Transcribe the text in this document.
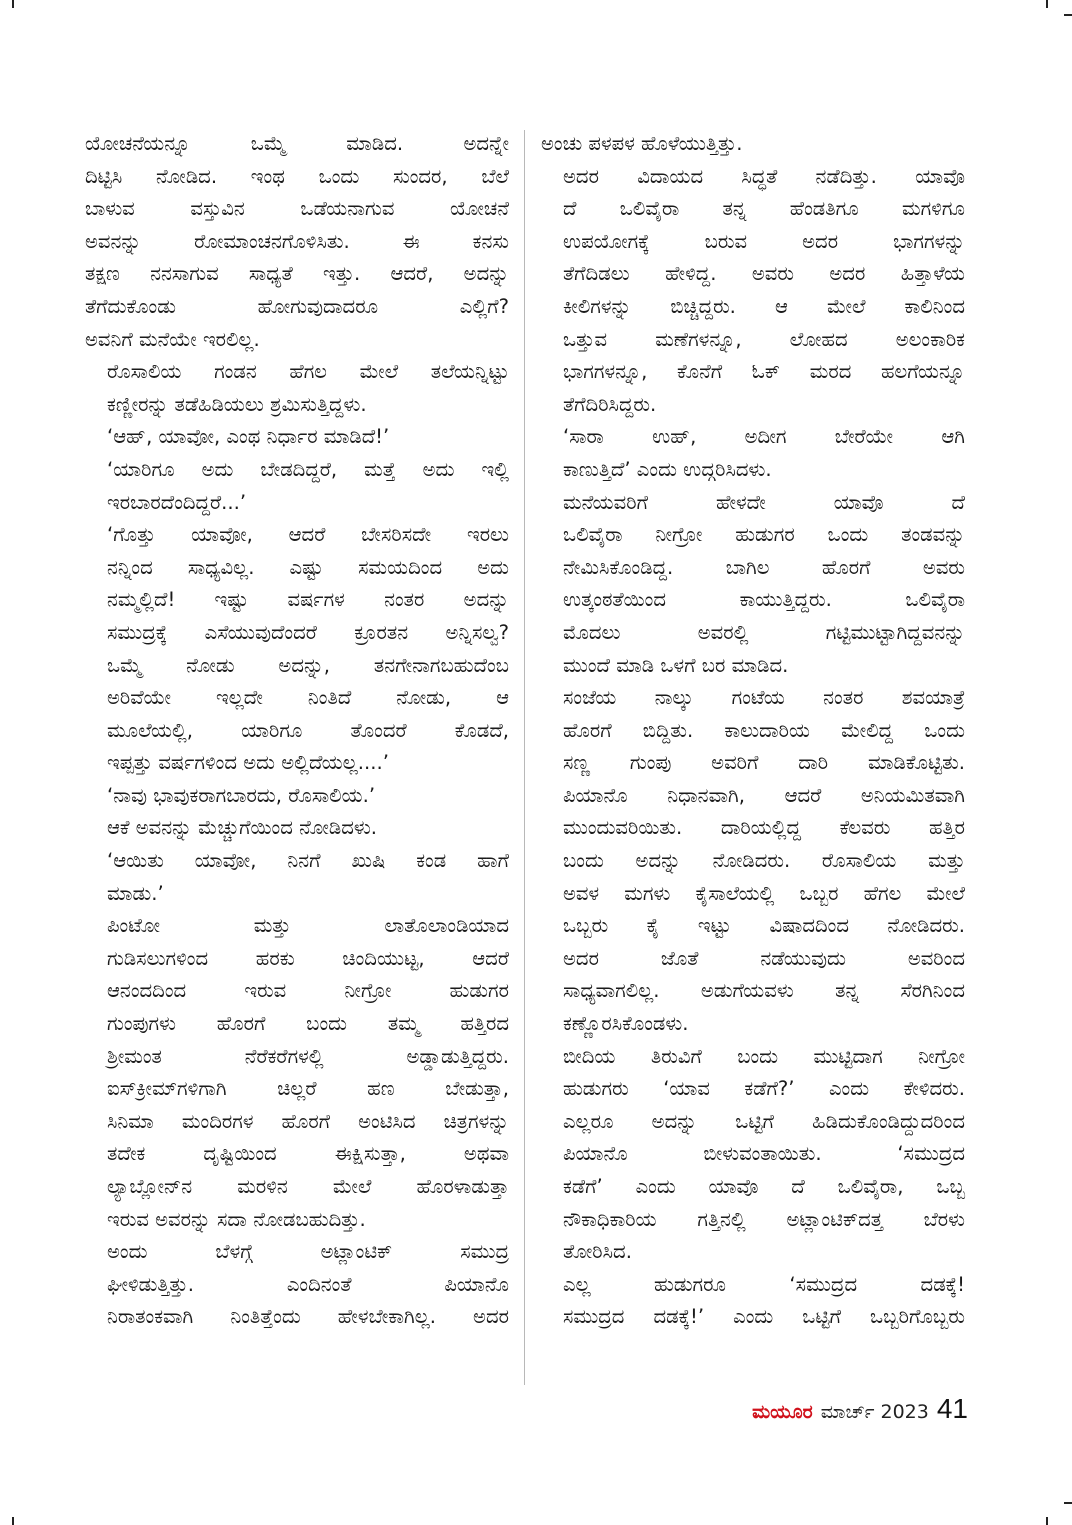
ಯೋಚನೆಯನ್ನೂ ಒಮ್ಮೆ ಮಾಡಿದ. ಅದನ್ನೇ
ದಿಟ್ಟಿಸಿ ನೋಡಿದ. ಇಂಥ ಒಂದು ಸುಂದರ, ಬೆಲೆ
ಬಾಳುವ ವಸ್ತುವಿನ ಒಡೆಯನಾಗುವ ಯೋಚನೆ
ಅವನನ್ನು ರೋಮಾಂಚನಗೊಳಿಸಿತು. ಈ ಕನಸು
ತಕ್ಷಣ ನನಸಾಗುವ ಸಾಧ್ಯತೆ ಇತ್ತು. ಆದರೆ, ಅದನ್ನು
ತೆಗೆದುಕೊಂಡು ಹೋಗುವುದಾದರೂ ಎಲ್ಲಿಗೆ?
ಅವನಿಗೆ ಮನೆಯೇ ಇರಲಿಲ್ಲ.

ರೊಸಾಲಿಯ ಗಂಡನ ಹೆಗಲ ಮೇಲೆ ತಲೆಯನ್ನಿಟ್ಟು
ಕಣ್ಣೀರನ್ನು ತಡೆಹಿಡಿಯಲು ಶ್ರಮಿಸುತ್ತಿದ್ದಳು.

‘ಆಹ್, ಯಾವೋ, ಎಂಥ ನಿರ್ಧಾರ ಮಾಡಿದೆ!’

‘ಯಾರಿಗೂ ಅದು ಬೇಡದಿದ್ದರೆ, ಮತ್ತೆ ಅದು ಇಲ್ಲಿ
ಇರಬಾರದೆಂದಿದ್ದರೆ...’

‘ಗೊತ್ತು ಯಾವೋ, ಆದರೆ ಬೇಸರಿಸದೇ ಇರಲು
ನನ್ನಿಂದ ಸಾಧ್ಯವಿಲ್ಲ. ಎಷ್ಟು ಸಮಯದಿಂದ ಅದು
ನಮ್ಮಲ್ಲಿದೆ! ಇಷ್ಟು ವರ್ಷಗಳ ನಂತರ ಅದನ್ನು
ಸಮುದ್ರಕ್ಕೆ ಎಸೆಯುವುದೆಂದರೆ ಕ್ರೂರತನ ಅನ್ನಿಸಲ್ವ?
ಒಮ್ಮೆ ನೋಡು ಅದನ್ನು, ತನಗೇನಾಗಬಹುದೆಂಬ
ಅರಿವೆಯೇ ಇಲ್ಲದೇ ನಿಂತಿದೆ ನೋಡು, ಆ
ಮೂಲೆಯಲ್ಲಿ, ಯಾರಿಗೂ ತೊಂದರೆ ಕೊಡದೆ,
ಇಪ್ಪತ್ತು ವರ್ಷಗಳಿಂದ ಅದು ಅಲ್ಲಿದೆಯಲ್ಲ....’

‘ನಾವು ಭಾವುಕರಾಗಬಾರದು, ರೊಸಾಲಿಯ.’

ಆಕೆ ಅವನನ್ನು ಮೆಚ್ಚುಗೆಯಿಂದ ನೋಡಿದಳು.

‘ಆಯಿತು ಯಾವೋ, ನಿನಗೆ ಖುಷಿ ಕಂಡ ಹಾಗೆ
ಮಾಡು.’

ಪಿಂಟೋ ಮತ್ತು ಲಾತೊಲಾಂಡಿಯಾದ
ಗುಡಿಸಲುಗಳಿಂದ ಹರಕು ಚಿಂದಿಯುಟ್ಟ, ಆದರೆ
ಆನಂದದಿಂದ ಇರುವ ನೀಗ್ರೋ ಹುಡುಗರ
ಗುಂಪುಗಳು ಹೊರಗೆ ಬಂದು ತಮ್ಮ ಹತ್ತಿರದ
ಶ್ರೀಮಂತ ನೆರೆಕರೆಗಳಲ್ಲಿ ಅಡ್ಡಾಡುತ್ತಿದ್ದರು.
ಐಸ್‌ಕ್ರೀಮ್‌ಗಳಿಗಾಗಿ ಚಿಲ್ಲರೆ ಹಣ ಬೇಡುತ್ತಾ,
ಸಿನಿಮಾ ಮಂದಿರಗಳ ಹೊರಗೆ ಅಂಟಿಸಿದ ಚಿತ್ರಗಳನ್ನು
ತದೇಕ ದೃಷ್ಟಿಯಿಂದ ಈಕ್ಷಿಸುತ್ತಾ, ಅಥವಾ
ಲ್ಯಾಬ್ಲೋನ್‌ನ ಮರಳಿನ ಮೇಲೆ ಹೊರಳಾಡುತ್ತಾ
ಇರುವ ಅವರನ್ನು ಸದಾ ನೋಡಬಹುದಿತ್ತು.

ಅಂದು ಬೆಳಗ್ಗೆ ಅಟ್ಲಾಂಟಿಕ್ ಸಮುದ್ರ
ಘೀಳಿಡುತ್ತಿತ್ತು. ಎಂದಿನಂತೆ ಪಿಯಾನೊ
ನಿರಾತಂಕವಾಗಿ ನಿಂತಿತ್ತೆಂದು ಹೇಳಬೇಕಾಗಿಲ್ಲ. ಅದರ

ಅಂಚು ಪಳಪಳ ಹೊಳೆಯುತ್ತಿತ್ತು.

ಅದರ ವಿದಾಯದ ಸಿದ್ಧತೆ ನಡೆದಿತ್ತು. ಯಾವೊ
ದೆ ಒಲಿವೈರಾ ತನ್ನ ಹೆಂಡತಿಗೂ ಮಗಳಿಗೂ
ಉಪಯೋಗಕ್ಕೆ ಬರುವ ಅದರ ಭಾಗಗಳನ್ನು
ತೆಗೆದಿಡಲು ಹೇಳಿದ್ದ. ಅವರು ಅದರ ಹಿತ್ತಾಳೆಯ
ಕೀಲಿಗಳನ್ನು ಬಿಚ್ಚಿದ್ದರು. ಆ ಮೇಲೆ ಕಾಲಿನಿಂದ
ಒತ್ತುವ ಮಣೆಗಳನ್ನೂ, ಲೋಹದ ಅಲಂಕಾರಿಕ
ಭಾಗಗಳನ್ನೂ, ಕೊನೆಗೆ ಓಕ್ ಮರದ ಹಲಗೆಯನ್ನೂ
ತೆಗೆದಿರಿಸಿದ್ದರು.

‘ಸಾರಾ ಉಹ್, ಅದೀಗ ಬೇರೆಯೇ ಆಗಿ
ಕಾಣುತ್ತಿದೆ’ ಎಂದು ಉದ್ಗರಿಸಿದಳು.

ಮನೆಯವರಿಗೆ ಹೇಳದೇ ಯಾವೊ ದೆ
ಒಲಿವೈರಾ ನೀಗ್ರೋ ಹುಡುಗರ ಒಂದು ತಂಡವನ್ನು
ನೇಮಿಸಿಕೊಂಡಿದ್ದ. ಬಾಗಿಲ ಹೊರಗೆ ಅವರು
ಉತ್ಕಂಠತೆಯಿಂದ ಕಾಯುತ್ತಿದ್ದರು. ಒಲಿವೈರಾ
ಮೊದಲು ಅವರಲ್ಲಿ ಗಟ್ಟಿಮುಟ್ಟಾಗಿದ್ದವನನ್ನು
ಮುಂದೆ ಮಾಡಿ ಒಳಗೆ ಬರ ಮಾಡಿದ.

ಸಂಜೆಯ ನಾಲ್ಕು ಗಂಟೆಯ ನಂತರ ಶವಯಾತ್ರೆ
ಹೊರಗೆ ಬಿದ್ದಿತು. ಕಾಲುದಾರಿಯ ಮೇಲಿದ್ದ ಒಂದು
ಸಣ್ಣ ಗುಂಪು ಅವರಿಗೆ ದಾರಿ ಮಾಡಿಕೊಟ್ಟಿತು.
ಪಿಯಾನೊ ನಿಧಾನವಾಗಿ, ಆದರೆ ಅನಿಯಮಿತವಾಗಿ
ಮುಂದುವರಿಯಿತು. ದಾರಿಯಲ್ಲಿದ್ದ ಕೆಲವರು ಹತ್ತಿರ
ಬಂದು ಅದನ್ನು ನೋಡಿದರು. ರೊಸಾಲಿಯ ಮತ್ತು
ಅವಳ ಮಗಳು ಕೈಸಾಲೆಯಲ್ಲಿ ಒಬ್ಬರ ಹೆಗಲ ಮೇಲೆ
ಒಬ್ಬರು ಕೈ ಇಟ್ಟು ವಿಷಾದದಿಂದ ನೋಡಿದರು.
ಅದರ ಜೊತೆ ನಡೆಯುವುದು ಅವರಿಂದ
ಸಾಧ್ಯವಾಗಲಿಲ್ಲ. ಅಡುಗೆಯವಳು ತನ್ನ ಸೆರಗಿನಿಂದ
ಕಣ್ಣೊರಸಿಕೊಂಡಳು.

ಬೀದಿಯ ತಿರುವಿಗೆ ಬಂದು ಮುಟ್ಟಿದಾಗ ನೀಗ್ರೋ
ಹುಡುಗರು ‘ಯಾವ ಕಡೆಗೆ?’ ಎಂದು ಕೇಳಿದರು.
ಎಲ್ಲರೂ ಅದನ್ನು ಒಟ್ಟಿಗೆ ಹಿಡಿದುಕೊಂಡಿದ್ದುದರಿಂದ
ಪಿಯಾನೊ ಬೀಳುವಂತಾಯಿತು. ‘ಸಮುದ್ರದ
ಕಡೆಗೆ’ ಎಂದು ಯಾವೊ ದೆ ಒಲಿವೈರಾ, ಒಬ್ಬ
ನೌಕಾಧಿಕಾರಿಯ ಗತ್ತಿನಲ್ಲಿ ಅಟ್ಲಾಂಟಿಕ್‌ದತ್ತ ಬೆರಳು
ತೋರಿಸಿದ.

ಎಲ್ಲ ಹುಡುಗರೂ ‘ಸಮುದ್ರದ ದಡಕ್ಕೆ!
ಸಮುದ್ರದ ದಡಕ್ಕೆ!’ ಎಂದು ಒಟ್ಟಿಗೆ ಒಬ್ಬರಿಗೊಬ್ಬರು

ಮಯೂರ ಮಾರ್ಚ್ 2023 41
